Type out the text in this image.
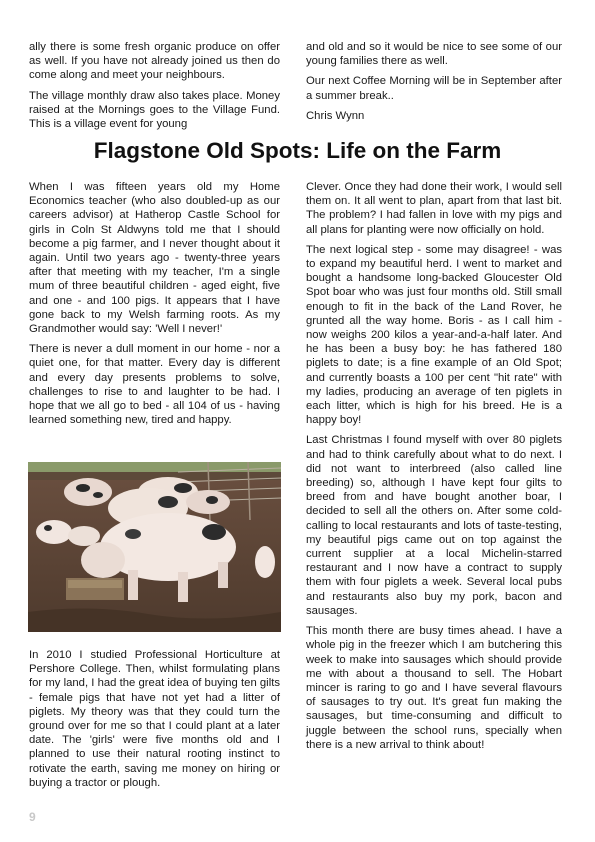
ally there is some fresh organic produce on offer as well. If you have not already joined us then do come along and meet your neighbours.

The village monthly draw also takes place. Money raised at the Mornings goes to the Village Fund. This is a village event for young

and old and so it would be nice to see some of our young families there as well.

Our next Coffee Morning will be in September after a summer break..

Chris Wynn

Flagstone Old Spots: Life on the Farm

When I was fifteen years old my Home Economics teacher (who also doubled-up as our careers advisor) at Hatherop Castle School for girls in Coln St Aldwyns told me that I should become a pig farmer, and I never thought about it again. Until two years ago - twenty-three years after that meeting with my teacher, I'm a single mum of three beautiful children - aged eight, five and one - and 100 pigs. It appears that I have gone back to my Welsh farming roots. As my Grandmother would say: 'Well I never!'

There is never a dull moment in our home - nor a quiet one, for that matter. Every day is different and every day presents problems to solve, challenges to rise to and laughter to be had. I hope that we all go to bed - all 104 of us - having learned something new, tired and happy.

In 2010 I studied Professional Horticulture at Pershore College. Then, whilst formulating plans for my land, I had the great idea of buying ten gilts - female pigs that have not yet had a litter of piglets. My theory was that they could turn the ground over for me so that I could plant at a later date. The 'girls' were five months old and I planned to use their natural rooting instinct to rotivate the earth, saving me money on hiring or buying a tractor or plough.

Clever. Once they had done their work, I would sell them on. It all went to plan, apart from that last bit. The problem? I had fallen in love with my pigs and all plans for planting were now officially on hold.

The next logical step - some may disagree! - was to expand my beautiful herd. I went to market and bought a handsome long-backed Gloucester Old Spot boar who was just four months old. Still small enough to fit in the back of the Land Rover, he grunted all the way home. Boris - as I call him - now weighs 200 kilos a year-and-a-half later. And he has been a busy boy: he has fathered 180 piglets to date; is a fine example of an Old Spot; and currently boasts a 100 per cent "hit rate" with my ladies, producing an average of ten piglets in each litter, which is high for his breed. He is a happy boy!

Last Christmas I found myself with over 80 piglets and had to think carefully about what to do next. I did not want to interbreed (also called line breeding) so, although I have kept four gilts to breed from and have bought another boar, I decided to sell all the others on. After some cold-calling to local restaurants and lots of taste-testing, my beautiful pigs came out on top against the current supplier at a local Michelin-starred restaurant and I now have a contract to supply them with four piglets a week. Several local pubs and restaurants also buy my pork, bacon and sausages.

This month there are busy times ahead. I have a whole pig in the freezer which I am butchering this week to make into sausages which should provide me with about a thousand to sell. The Hobart mincer is raring to go and I have several flavours of sausages to try out. It's great fun making the sausages, but time-consuming and difficult to juggle between the school runs, specially when there is a new arrival to think about!

9
